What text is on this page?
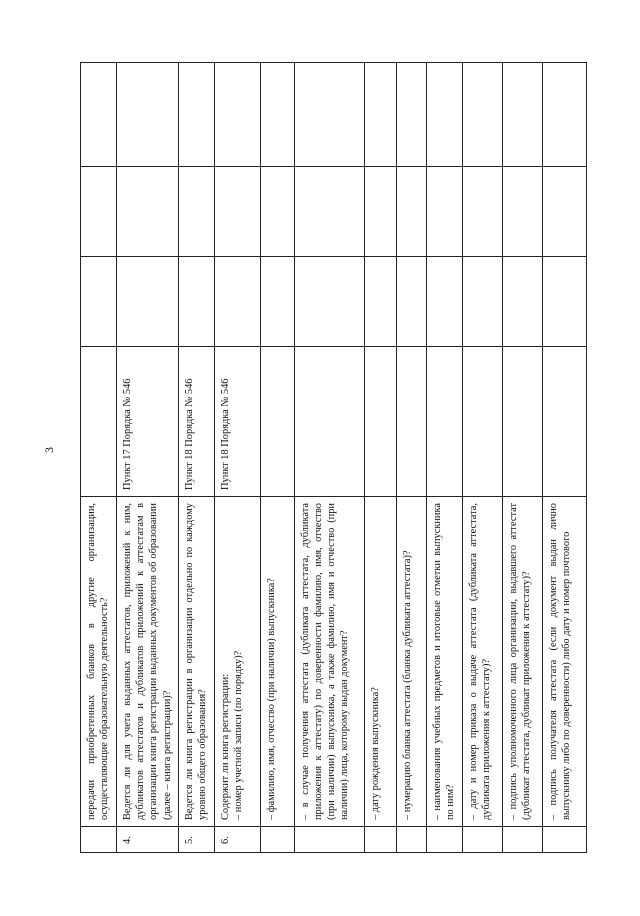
3
	передачи приобретенных бланков в другие организации, осуществляющие образовательную деятельность?				
4.	Ведется ли для учета выданных аттестатов, приложений к ним, дубликатов аттестатов и дубликатов приложений к аттестатам в организации книга регистрации выданных документов об образовании (далее – книга регистрации)?	Пункт 17 Порядка № 546			
5.	Ведется ли книга регистрации в организации отдельно по каждому уровню общего образования?	Пункт 18 Порядка № 546			
6.	Содержит ли книга регистрации:
– номер учетной записи (по порядку)?	Пункт 18 Порядка № 546			
	– фамилию, имя, отчество (при наличии) выпускника?				
	– в случае получения аттестата (дубликата аттестата, дубликата приложения к аттестату) по доверенности фамилию, имя, отчество (при наличии) выпускника, а также фамилию, имя и отчество (при наличии) лица, которому выдан документ?				
	– дату рождения выпускника?				
	– нумерацию бланка аттестата (бланка дубликата аттестата)?				
	– наименования учебных предметов и итоговые отметки выпускника по ним?				
	– дату и номер приказа о выдаче аттестата (дубликата аттестата, дубликата приложения к аттестату)?				
	– подпись уполномоченного лица организации, выдавшего аттестат (дубликат аттестата, дубликат приложения к аттестату)?				
	– подпись получателя аттестата (если документ выдан лично выпускнику либо по доверенности) либо дату и номер почтового				
